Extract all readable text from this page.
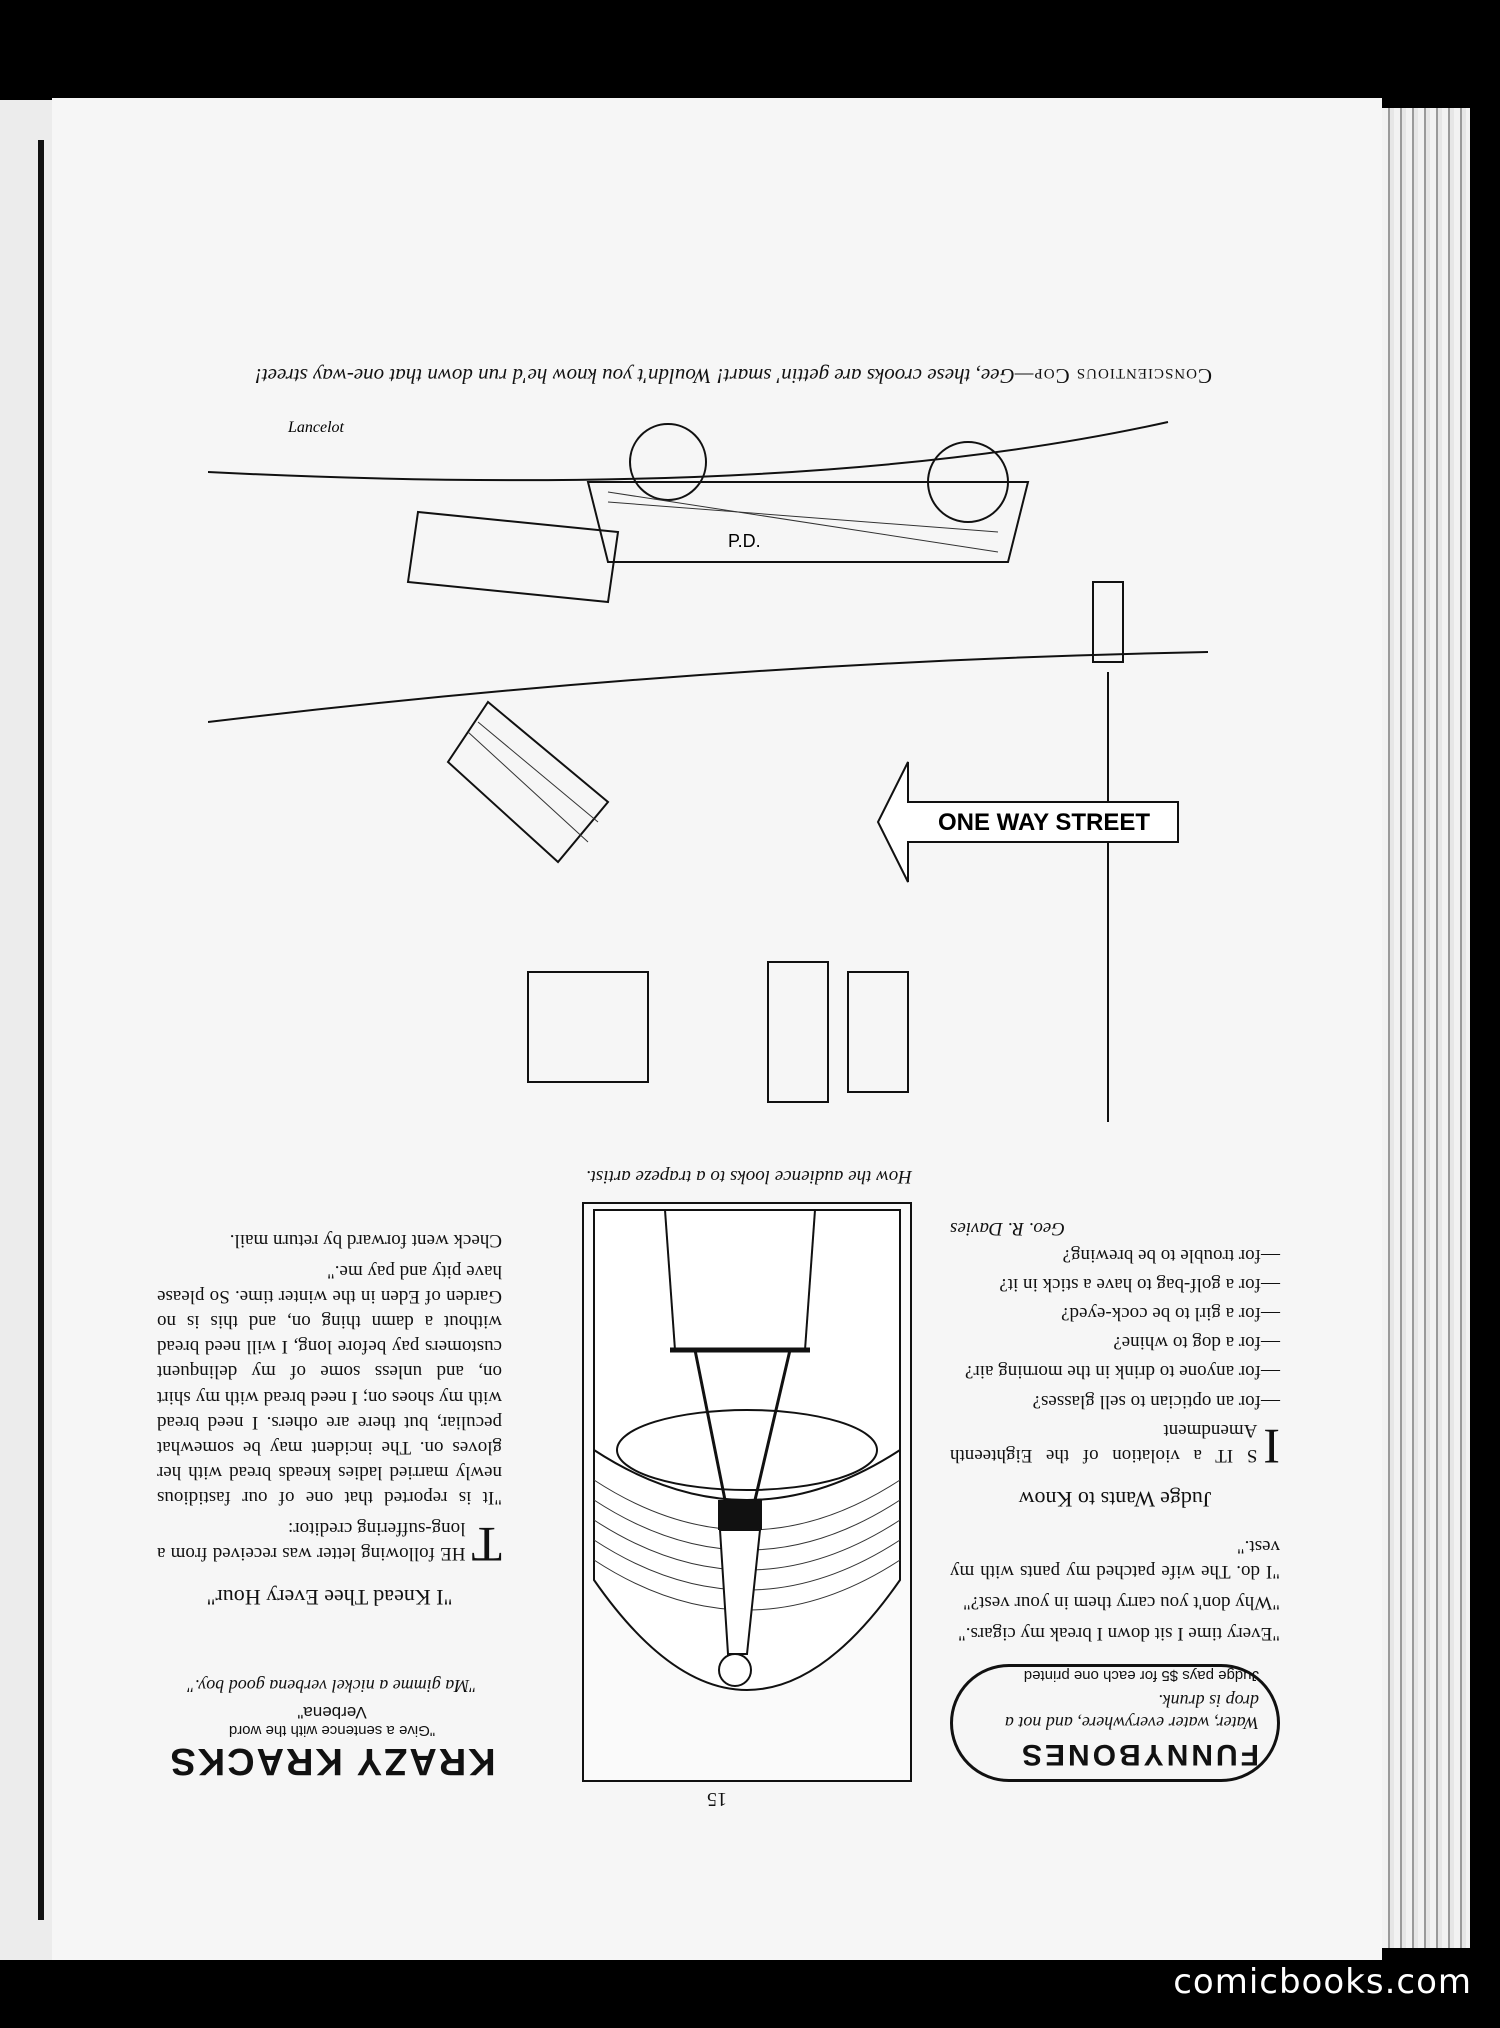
15
FUNNYBONES
Water, water everywhere, and not a drop is drunk.
Judge pays $5 for each one printed
"Every time I sit down I break my cigars."
"Why don't you carry them in your vest?"
"I do. The wife patched my pants with my vest."
Judge Wants to Know
I
S IT a violation of the Eighteenth Amendment
—for an optician to sell glasses?
—for anyone to drink in the morning air?
—for a dog to whine?
—for a girl to be cock-eyed?
—for a golf-bag to have a stick in it?
—for trouble to be brewing?
Geo. R. Davies
How the audience looks to a trapeze artist.
KRAZY KRACKS
"Give a sentence with the word
Verbena"
"Ma gimme a nickel verbena good boy."
"I Knead Thee Every Hour"
T
HE following letter was received from a long-suffering creditor:
"It is reported that one of our fastidious newly married ladies kneads bread with her gloves on. The incident may be somewhat peculiar, but there are others. I need bread with my shoes on; I need bread with my shirt on, and unless some of my delinquent customers pay before long, I will need bread without a damn thing on, and this is no Garden of Eden in the winter time. So please have pity and pay me."
Check went forward by return mail.
ONE WAY STREET
P.D.
Lancelot
Conscientious Cop—Gee, these crooks are gettin' smart! Wouldn't you know he'd run down that one-way street!
comicbooks.com
